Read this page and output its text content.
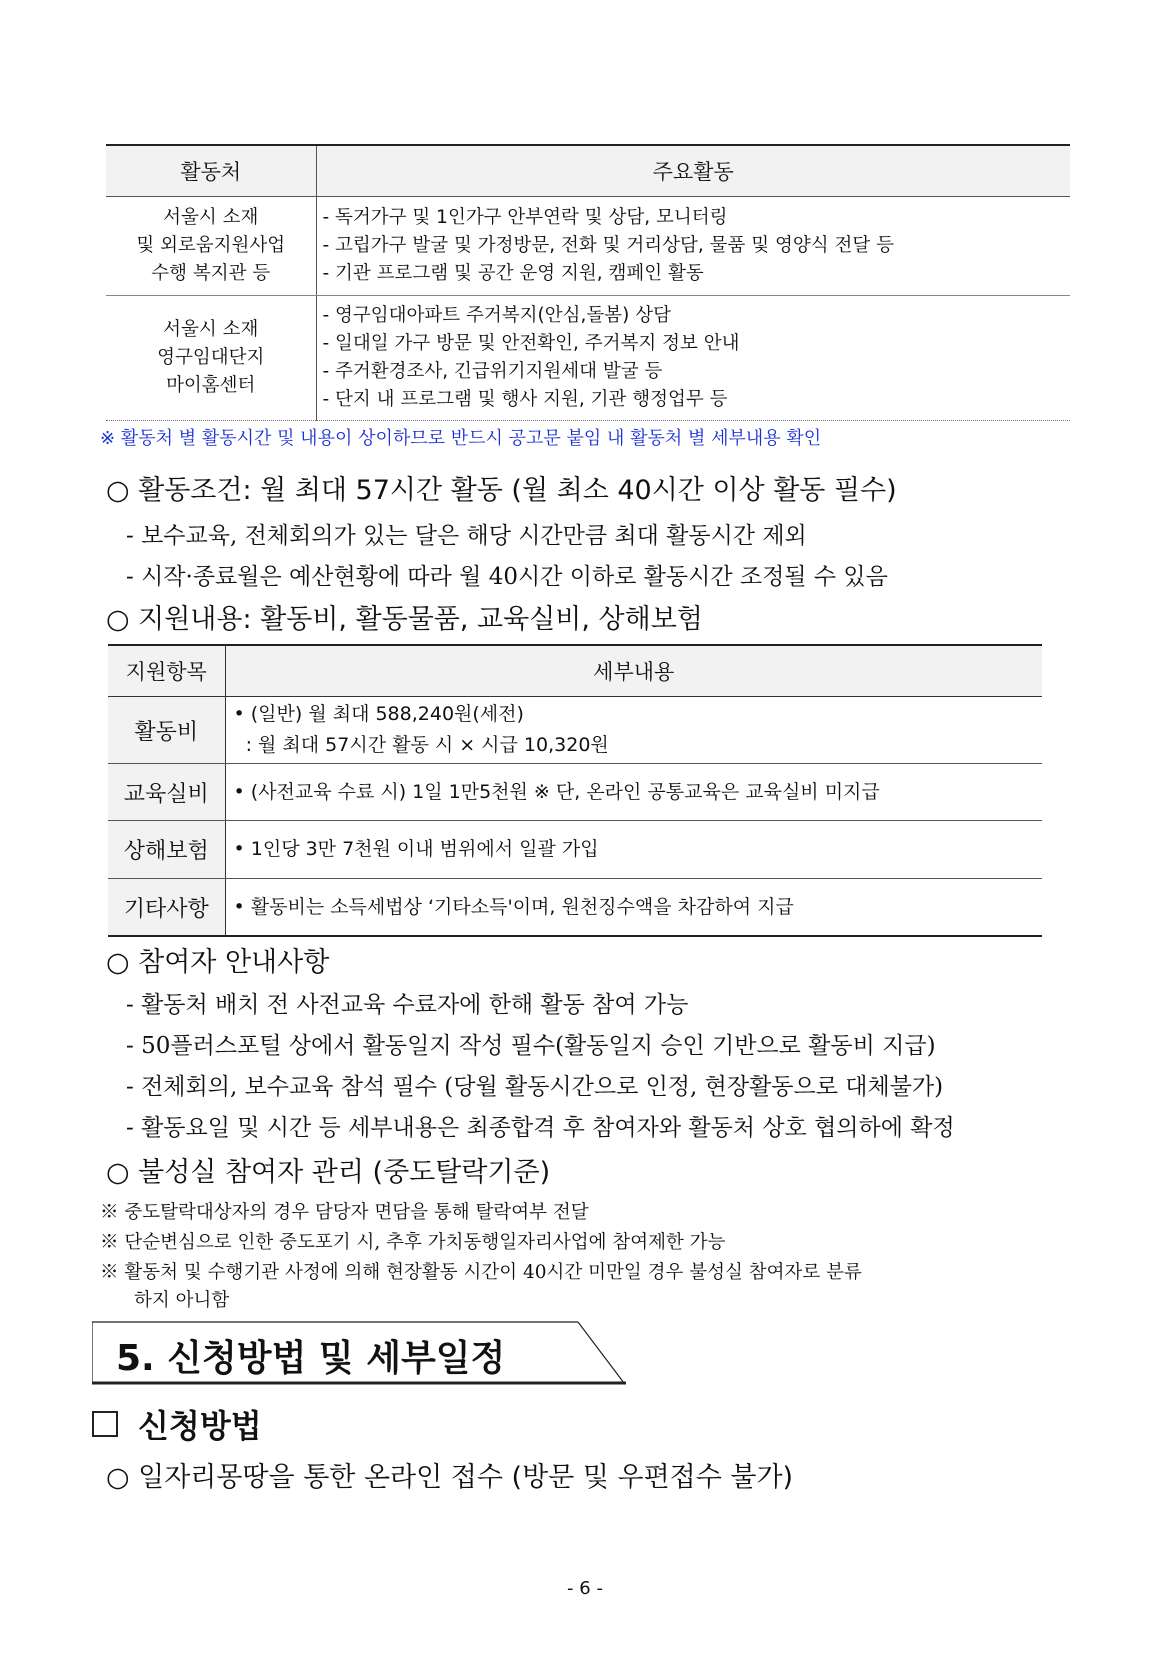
활동처	주요활동

서울시 소재
및 외로움지원사업
수행 복지관 등	- 독거가구 및 1인가구 안부연락 및 상담, 모니터링
- 고립가구 발굴 및 가정방문, 전화 및 거리상담, 물품 및 영양식 전달 등
- 기관 프로그램 및 공간 운영 지원, 캠페인 활동

서울시 소재
영구임대단지
마이홈센터	- 영구임대아파트 주거복지(안심,돌봄) 상담
- 일대일 가구 방문 및 안전확인, 주거복지 정보 안내
- 주거환경조사, 긴급위기지원세대 발굴 등
- 단지 내 프로그램 및 행사 지원, 기관 행정업무 등
※ 활동처 별 활동시간 및 내용이 상이하므로 반드시 공고문 붙임 내 활동처 별 세부내용 확인
○ 활동조건: 월 최대 57시간 활동 (월 최소 40시간 이상 활동 필수)
- 보수교육, 전체회의가 있는 달은 해당 시간만큼 최대 활동시간 제외
- 시작·종료월은 예산현황에 따라 월 40시간 이하로 활동시간 조정될 수 있음
○ 지원내용: 활동비, 활동물품, 교육실비, 상해보험
지원항목	세부내용
활동비	• (일반) 월 최대 588,240원(세전)
: 월 최대 57시간 활동 시 × 시급 10,320원

교육실비	• (사전교육 수료 시) 1일 1만5천원 ※ 단, 온라인 공통교육은 교육실비 미지급

상해보험	• 1인당 3만 7천원 이내 범위에서 일괄 가입

기타사항	• 활동비는 소득세법상 ‘기타소득'이며, 원천징수액을 차감하여 지급
○ 참여자 안내사항
- 활동처 배치 전 사전교육 수료자에 한해 활동 참여 가능
- 50플러스포털 상에서 활동일지 작성 필수(활동일지 승인 기반으로 활동비 지급)
- 전체회의, 보수교육 참석 필수 (당월 활동시간으로 인정, 현장활동으로 대체불가)
- 활동요일 및 시간 등 세부내용은 최종합격 후 참여자와 활동처 상호 협의하에 확정
○ 불성실 참여자 관리 (중도탈락기준)
※ 중도탈락대상자의 경우 담당자 면담을 통해 탈락여부 전달
※ 단순변심으로 인한 중도포기 시, 추후 가치동행일자리사업에 참여제한 가능
※ 활동처 및 수행기관 사정에 의해 현장활동 시간이 40시간 미만일 경우 불성실 참여자로 분류
하지 아니함
5. 신청방법 및 세부일정
신청방법
○ 일자리몽땅을 통한 온라인 접수 (방문 및 우편접수 불가)
- 6 -
